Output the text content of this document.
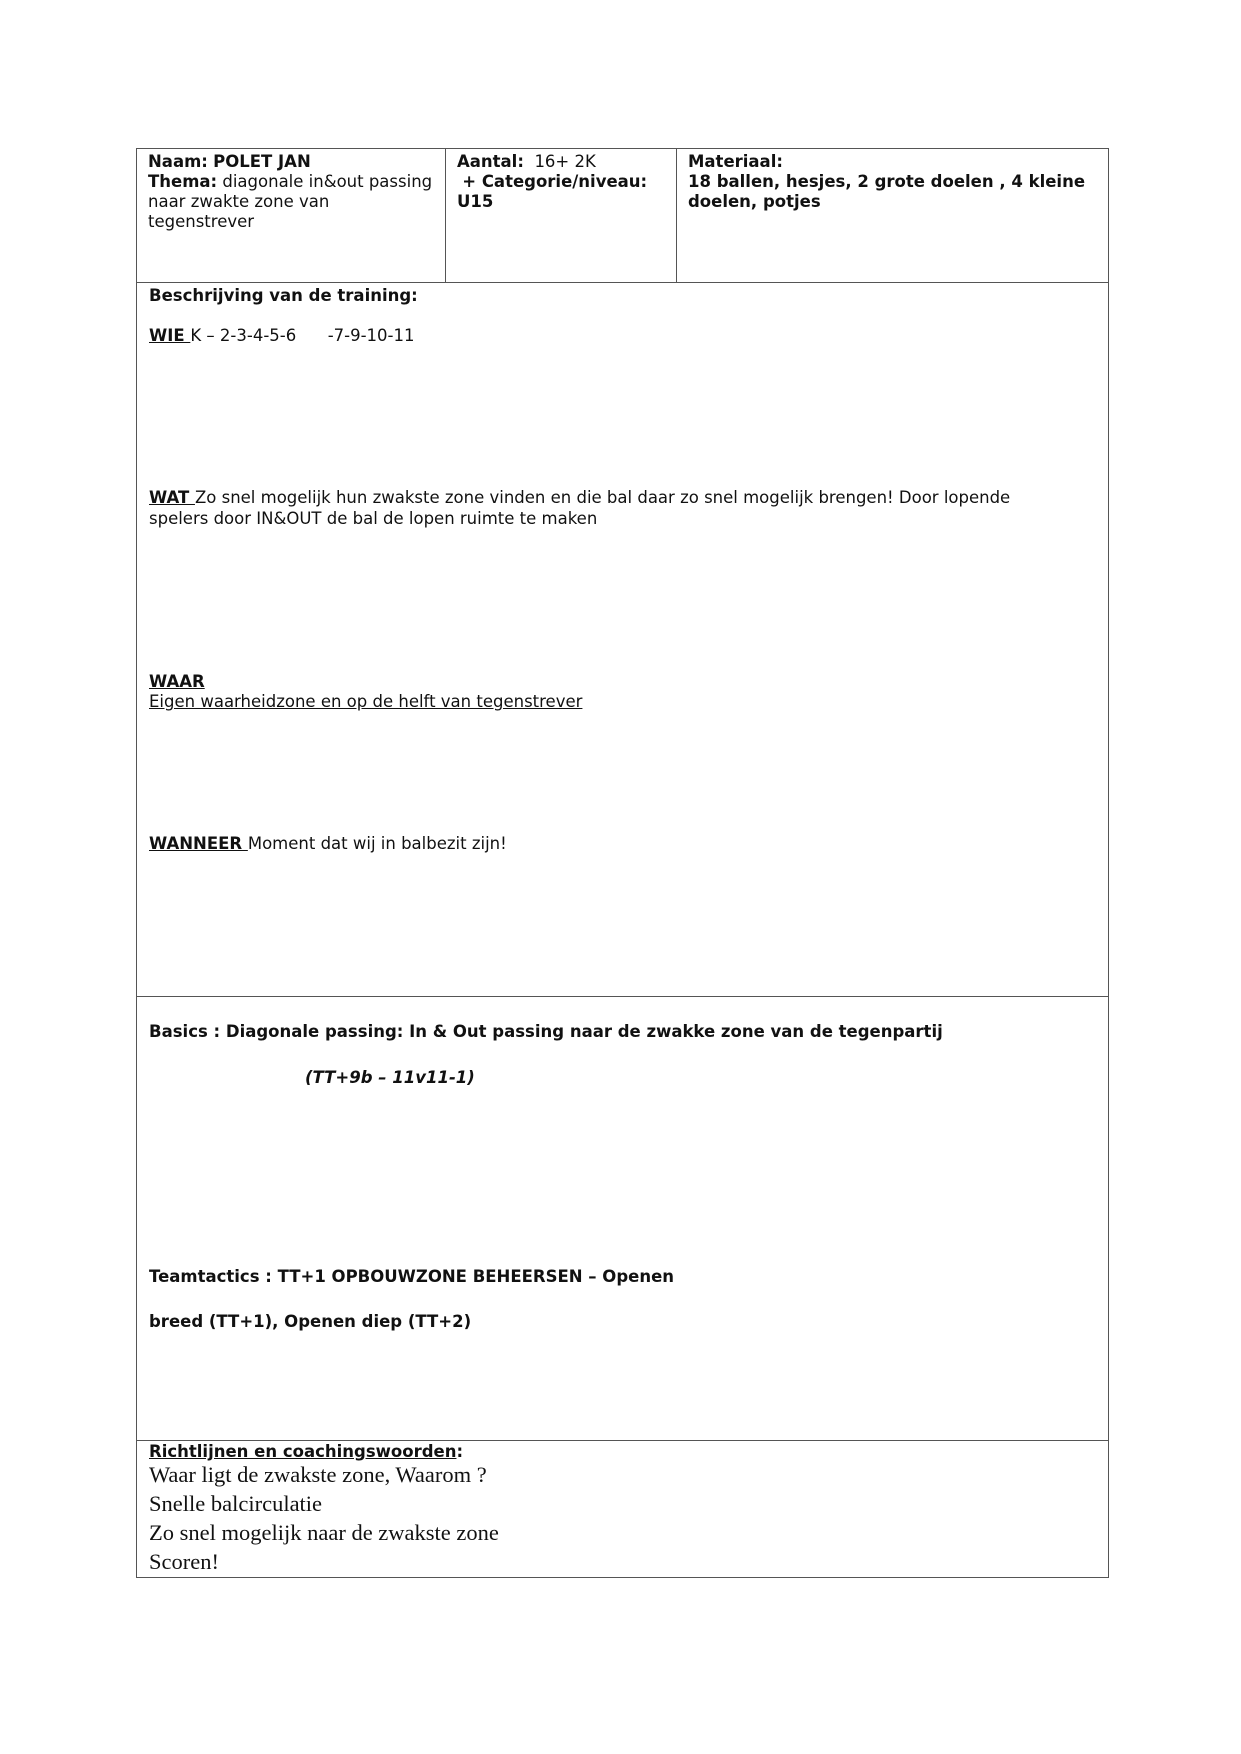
Naam: POLET JAN
Thema: diagonale in&out passing naar zwakte zone van tegenstrever
Aantal: 16+ 2K
+ Categorie/niveau:
U15
Materiaal:
18 ballen, hesjes, 2 grote doelen , 4 kleine doelen, potjes
Beschrijving van de training:
WIE K – 2-3-4-5-6      -7-9-10-11
WAT Zo snel mogelijk hun zwakste zone vinden en die bal daar zo snel mogelijk brengen! Door lopende
spelers door IN&OUT de bal de lopen ruimte te maken
WAAR
Eigen waarheidzone en op de helft van tegenstrever
WANNEER Moment dat wij in balbezit zijn!
Basics : Diagonale passing: In & Out passing naar de zwakke zone van de tegenpartij
(TT+9b – 11v11-1)
Teamtactics : TT+1 OPBOUWZONE BEHEERSEN – Openen
breed (TT+1), Openen diep (TT+2)
Richtlijnen en coachingswoorden:
Waar ligt de zwakste zone, Waarom ?
Snelle balcirculatie
Zo snel mogelijk naar de zwakste zone
Scoren!
